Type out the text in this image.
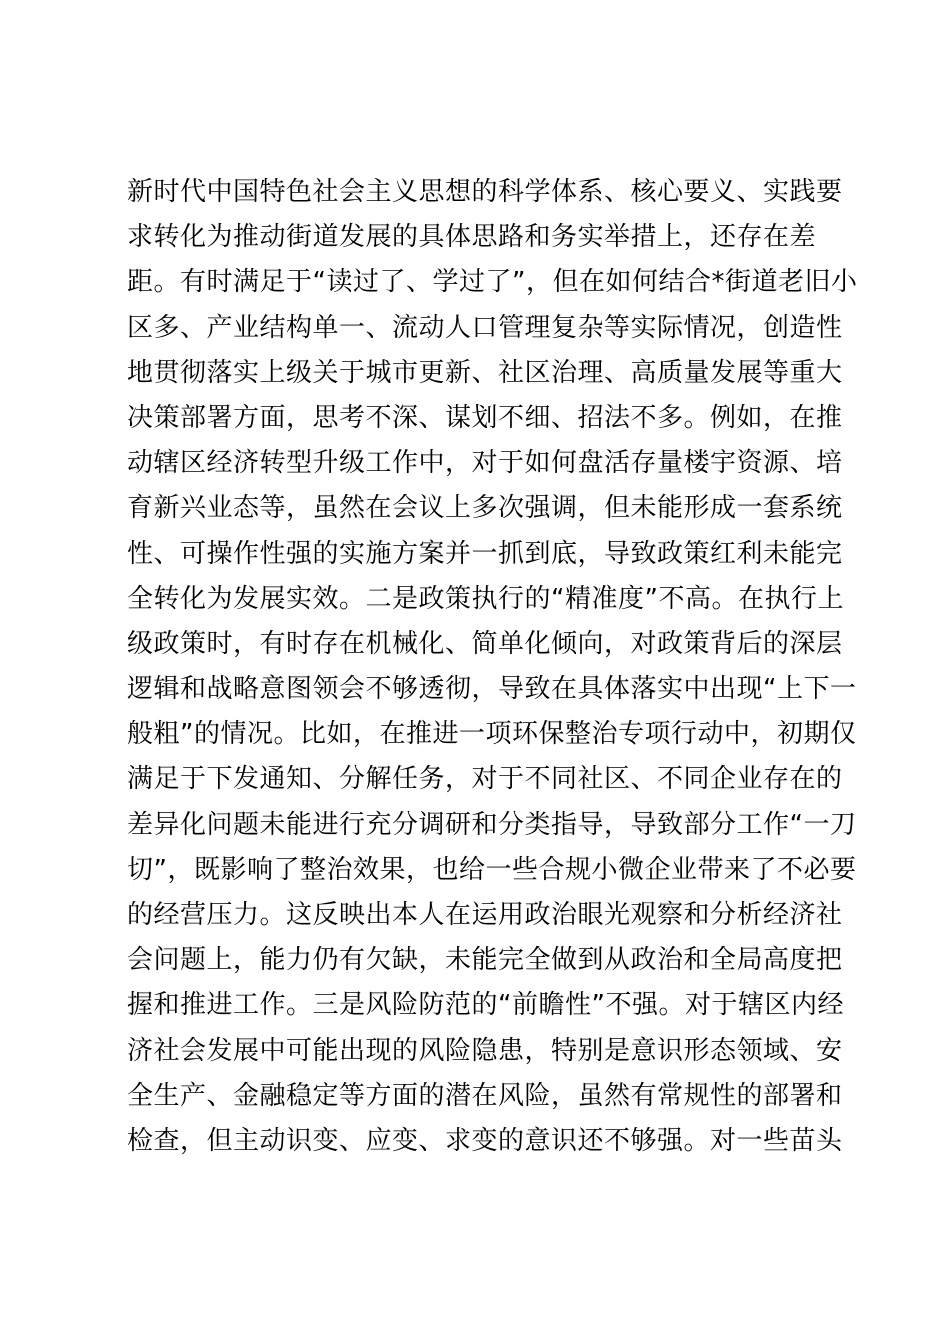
新时代中国特色社会主义思想的科学体系、核心要义、实践要
求转化为推动街道发展的具体思路和务实举措上，还存在差
距。有时满足于“读过了、学过了”，但在如何结合*街道老旧小
区多、产业结构单一、流动人口管理复杂等实际情况，创造性
地贯彻落实上级关于城市更新、社区治理、高质量发展等重大
决策部署方面，思考不深、谋划不细、招法不多。例如，在推
动辖区经济转型升级工作中，对于如何盘活存量楼宇资源、培
育新兴业态等，虽然在会议上多次强调，但未能形成一套系统
性、可操作性强的实施方案并一抓到底，导致政策红利未能完
全转化为发展实效。二是政策执行的“精准度”不高。在执行上
级政策时，有时存在机械化、简单化倾向，对政策背后的深层
逻辑和战略意图领会不够透彻，导致在具体落实中出现“上下一
般粗”的情况。比如，在推进一项环保整治专项行动中，初期仅
满足于下发通知、分解任务，对于不同社区、不同企业存在的
差异化问题未能进行充分调研和分类指导，导致部分工作“一刀
切”，既影响了整治效果，也给一些合规小微企业带来了不必要
的经营压力。这反映出本人在运用政治眼光观察和分析经济社
会问题上，能力仍有欠缺，未能完全做到从政治和全局高度把
握和推进工作。三是风险防范的“前瞻性”不强。对于辖区内经
济社会发展中可能出现的风险隐患，特别是意识形态领域、安
全生产、金融稳定等方面的潜在风险，虽然有常规性的部署和
检查，但主动识变、应变、求变的意识还不够强。对一些苗头
